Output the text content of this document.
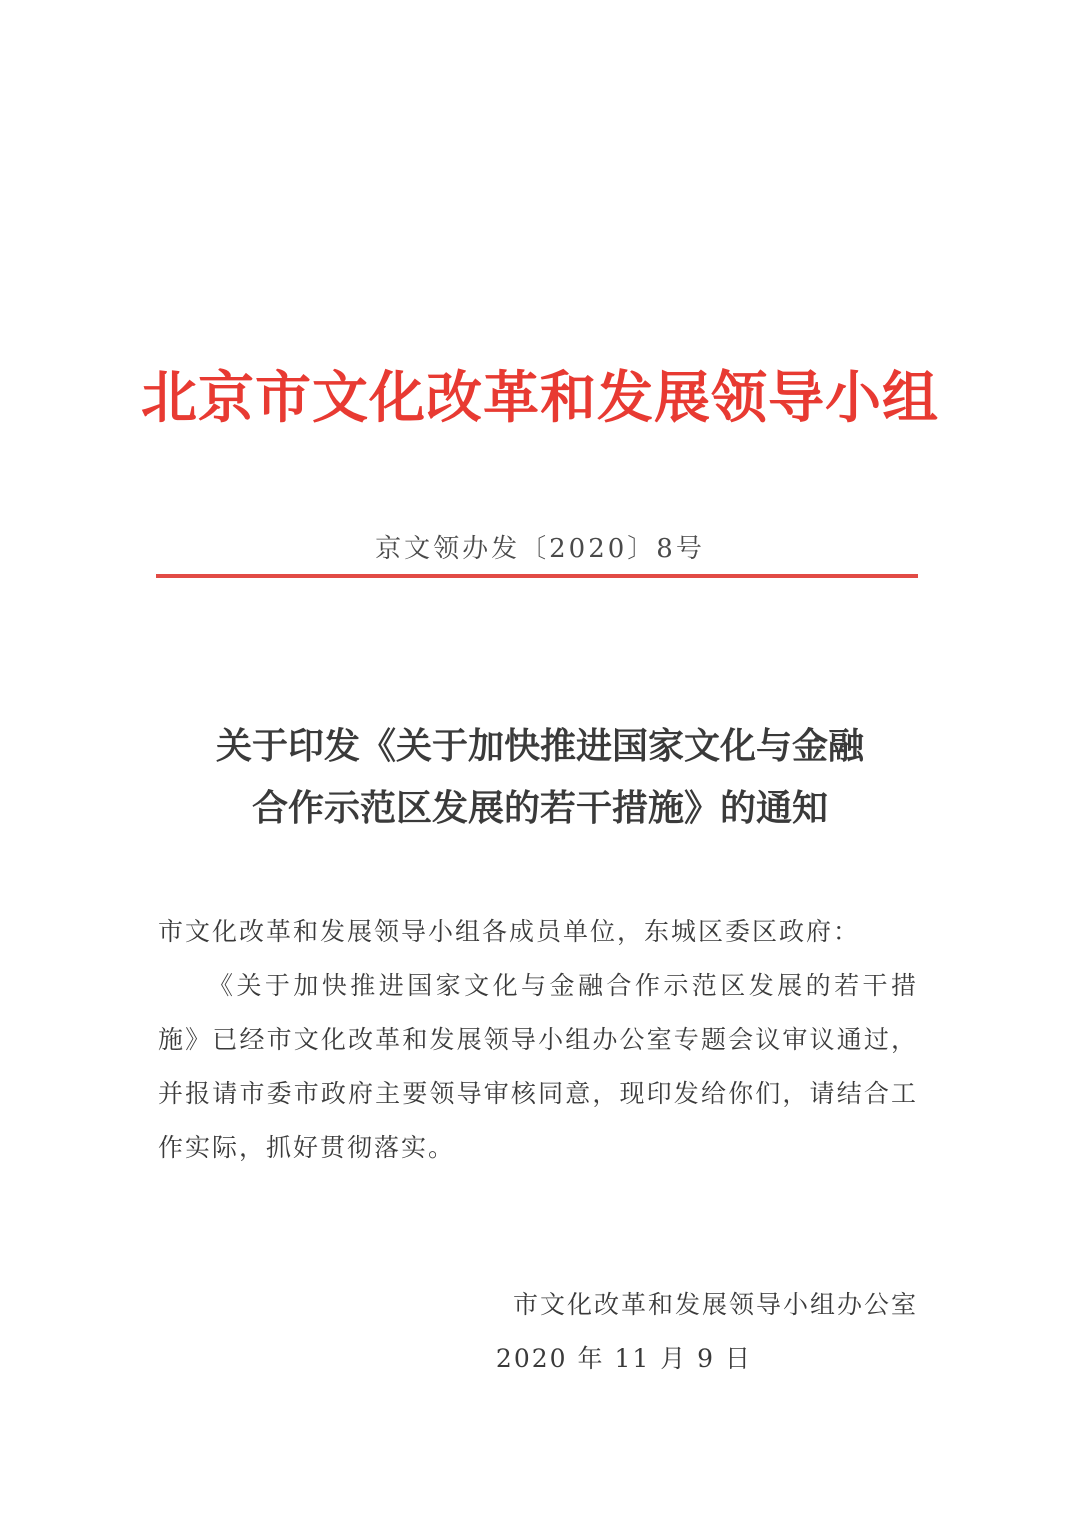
北京市文化改革和发展领导小组
京文领办发〔2020〕8号
关于印发《关于加快推进国家文化与金融
合作示范区发展的若干措施》的通知
市文化改革和发展领导小组各成员单位，东城区委区政府：
《关于加快推进国家文化与金融合作示范区发展的若干措施》已经市文化改革和发展领导小组办公室专题会议审议通过，并报请市委市政府主要领导审核同意，现印发给你们，请结合工作实际，抓好贯彻落实。
市文化改革和发展领导小组办公室
2020 年 11 月 9 日
